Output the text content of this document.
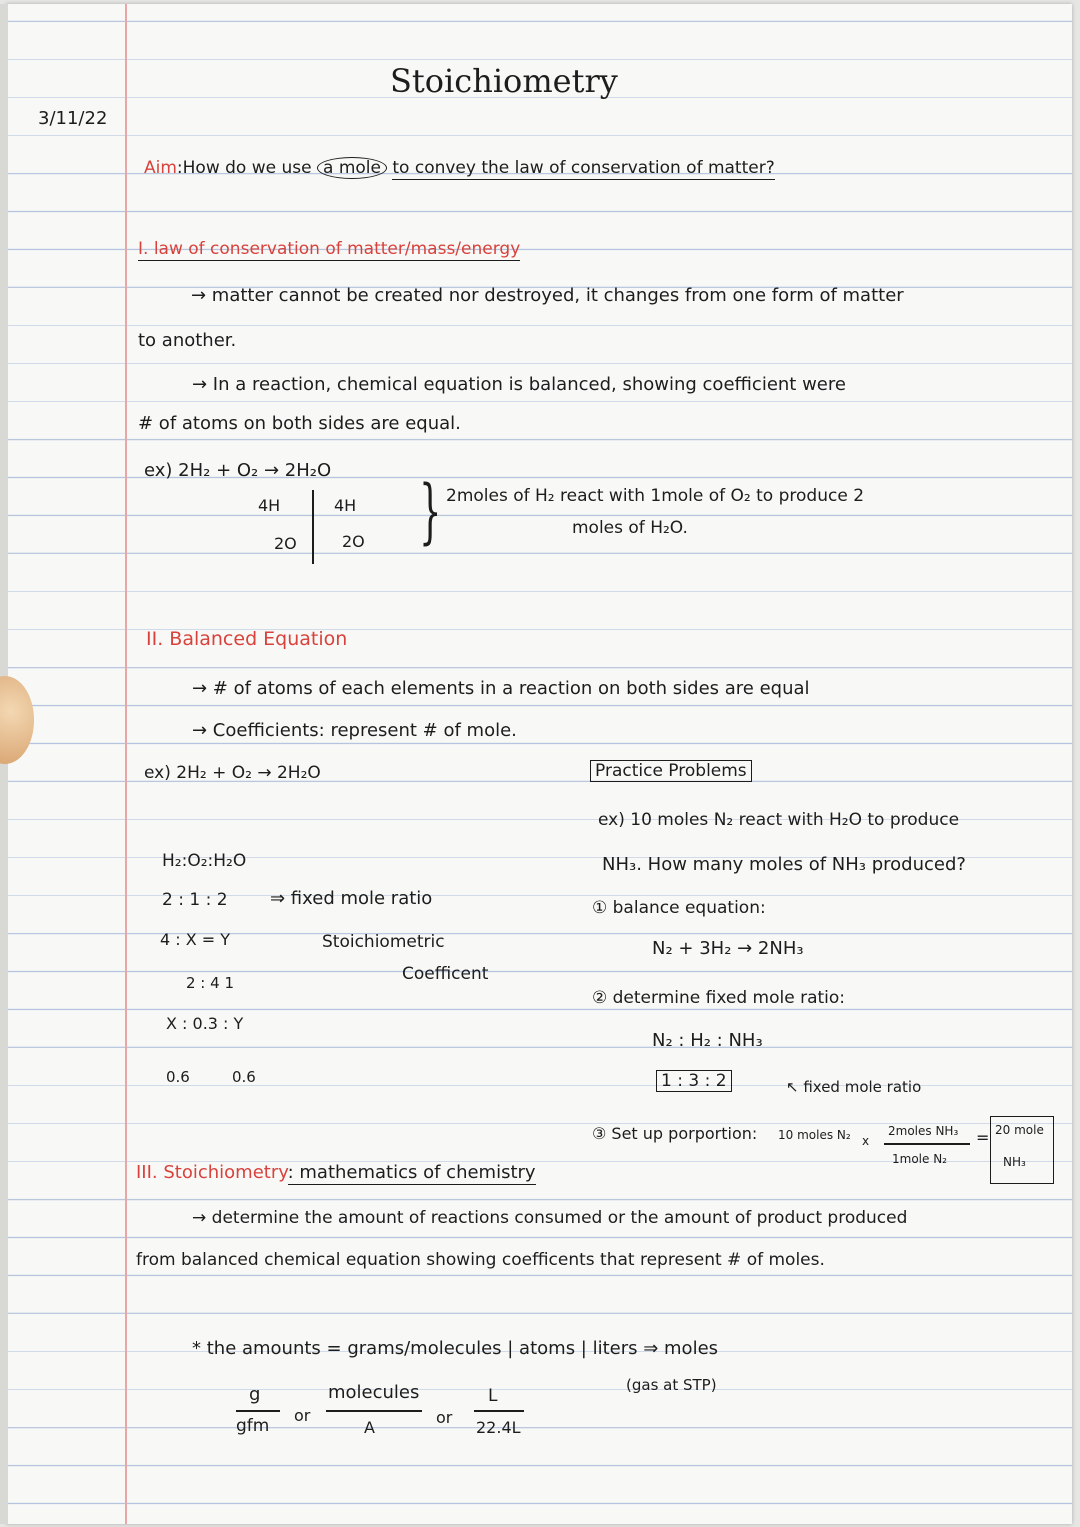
3/11/22
Stoichiometry
Aim:How do we use a mole to convey the law of conservation of matter?
I. law of conservation of matter/mass/energy
→ matter cannot be created nor destroyed, it changes from one form of matter
to another.
→ In a reaction, chemical equation is balanced, showing coefficient were
# of atoms on both sides are equal.
ex) 2H₂ + O₂ → 2H₂O
4H	4H
2O	2O } 2moles of H₂ react with 1mole of O₂ to produce 2
moles of H₂O.
II. Balanced Equation
→ # of atoms of each elements in a reaction on both sides are equal
→ Coefficients: represent # of mole.
ex) 2H₂ + O₂ → 2H₂O
H₂:O₂:H₂O
2 : 1 : 2 ⇒ fixed mole ratio
4 : X = Y	Stoichiometric
Coefficent
2 : 4 1
X : 0.3 : Y
0.6	0.6
Practice Problems
ex) 10 moles N₂ react with H₂O to produce
NH₃. How many moles of NH₃ produced?
① balance equation:
N₂ + 3H₂ → 2NH₃
② determine fixed mole ratio:
N₂ : H₂ : NH₃
1 : 3 : 2	↖ fixed mole ratio
③ Set up porportion: 10 moles N₂ x
2moles NH₃
1mole N₂
= 20 mole
NH₃
III. Stoichiometry: mathematics of chemistry
→ determine the amount of reactions consumed or the amount of product produced
from balanced chemical equation showing coefficents that represent # of moles.
* the amounts = grams/molecules | atoms | liters ⇒ moles
(gas at STP)
g
gfm
or
molecules
A
or
L
22.4L
